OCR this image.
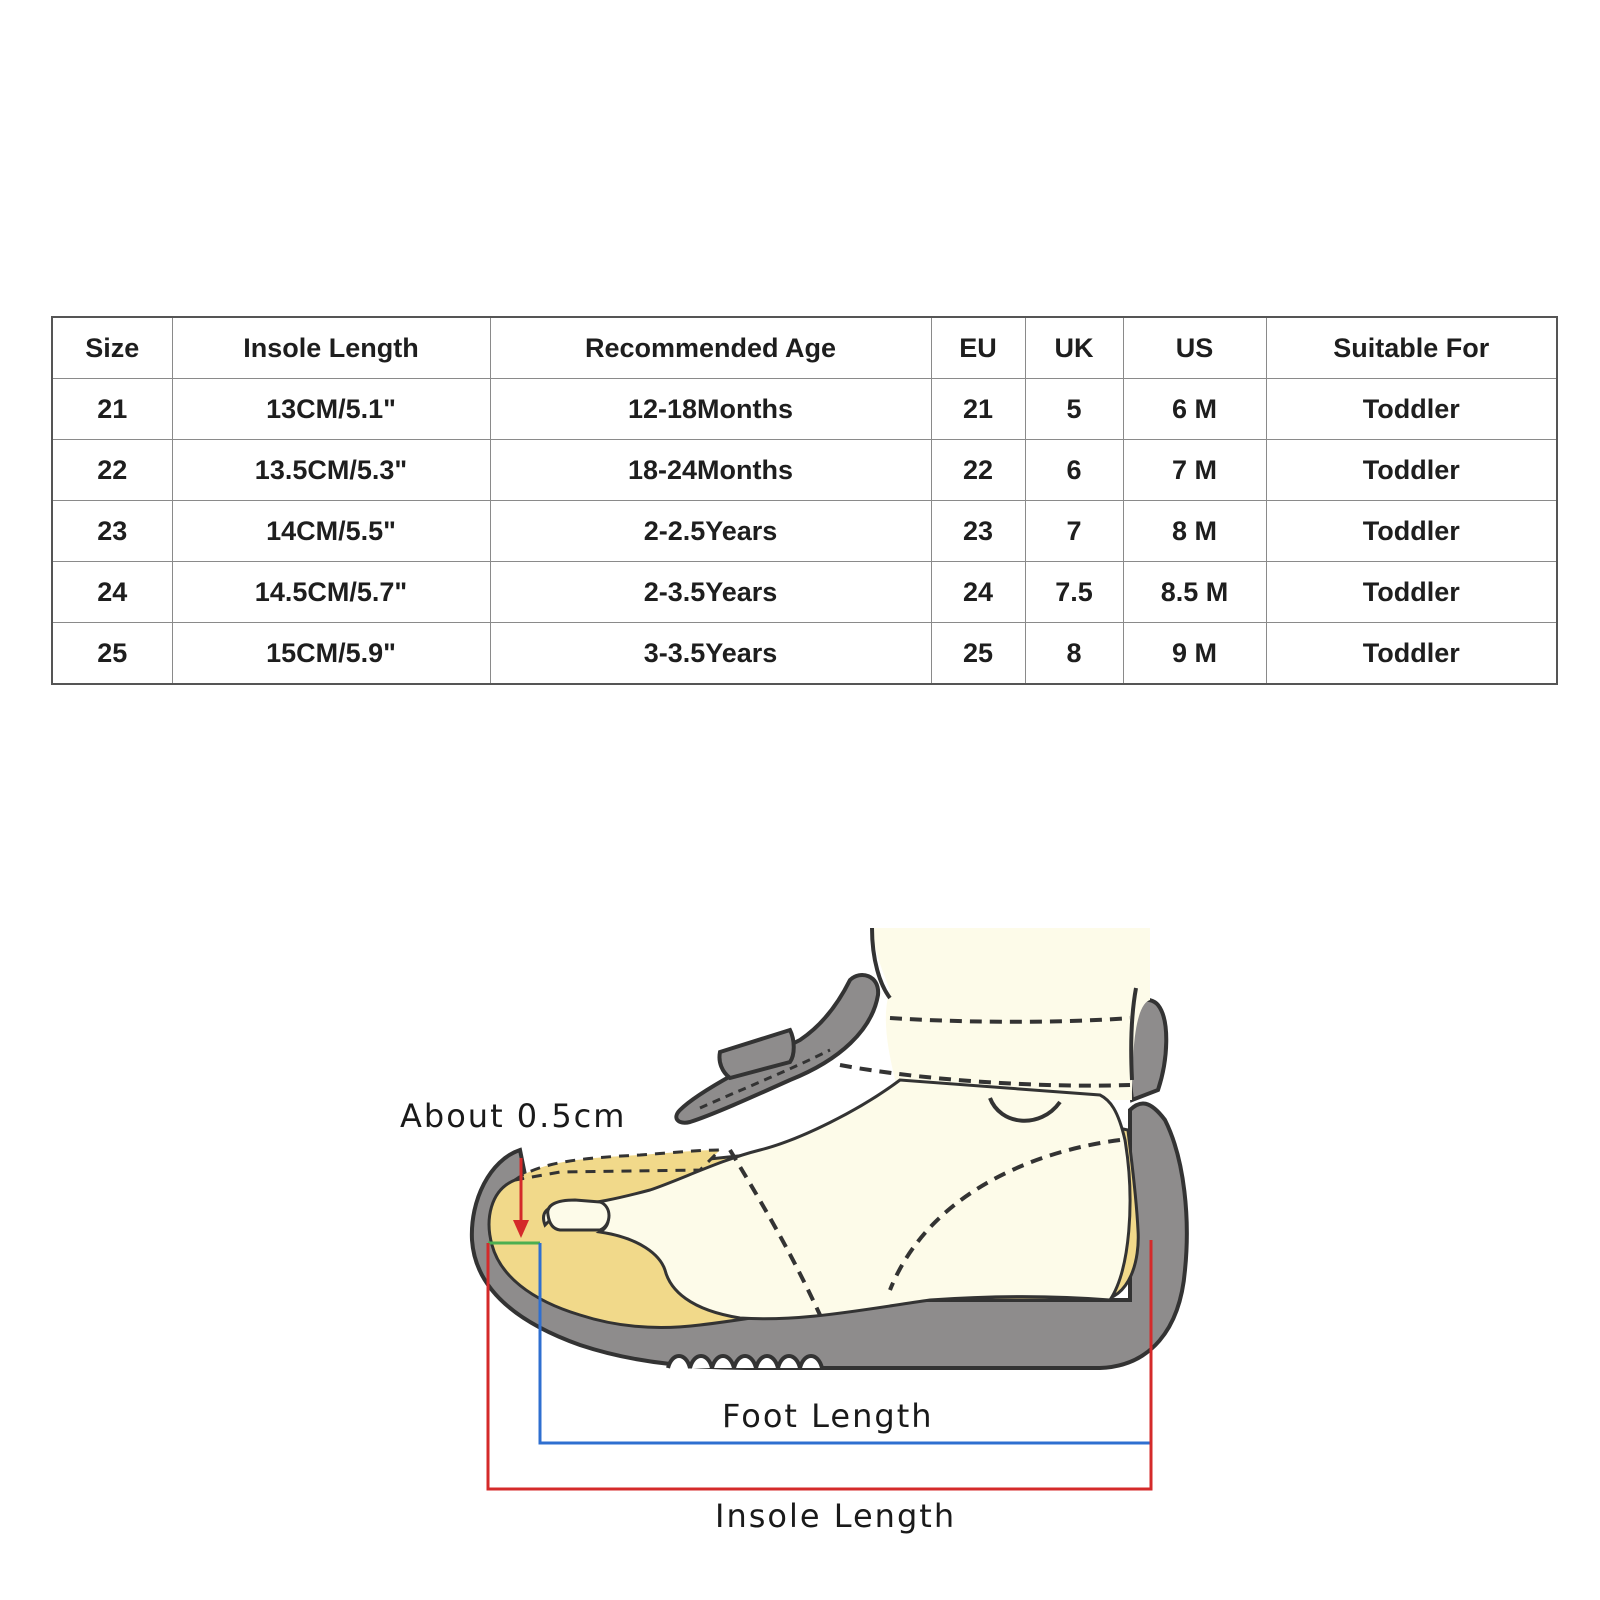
Size	Insole Length	Recommended Age	EU	UK	US	Suitable For
21	13CM/5.1"	12-18Months	21	5	6 M	Toddler
22	13.5CM/5.3"	18-24Months	22	6	7 M	Toddler
23	14CM/5.5"	2-2.5Years	23	7	8 M	Toddler
24	14.5CM/5.7"	2-3.5Years	24	7.5	8.5 M	Toddler
25	15CM/5.9"	3-3.5Years	25	8	9 M	Toddler
About 0.5cm
Foot Length
Insole Length
